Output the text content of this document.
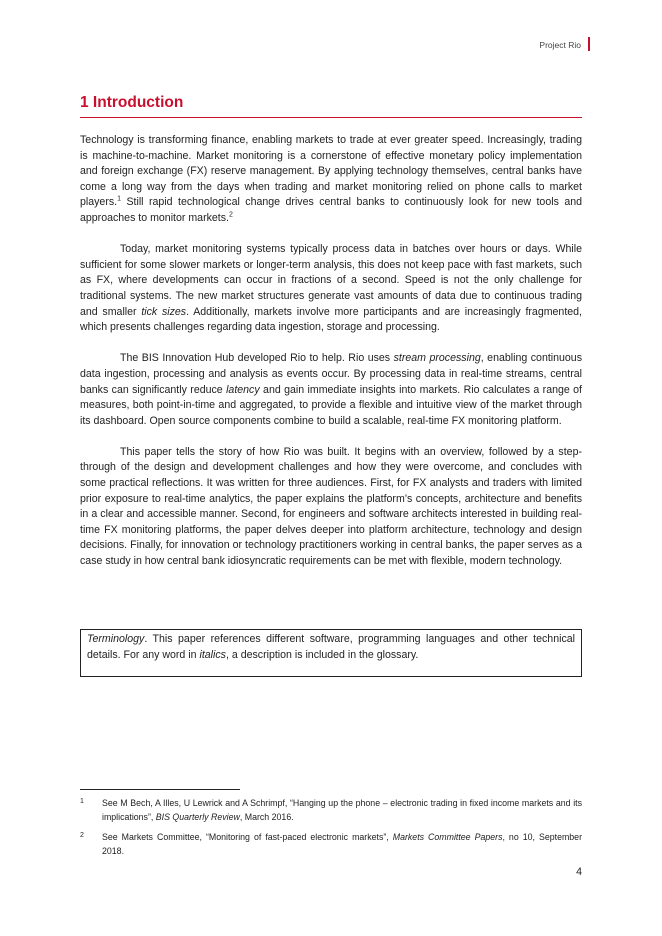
Project Rio
1 Introduction

Technology is transforming finance, enabling markets to trade at ever greater speed. Increasingly, trading is machine-to-machine. Market monitoring is a cornerstone of effective monetary policy implementation and foreign exchange (FX) reserve management. By applying technology themselves, central banks have come a long way from the days when trading and market monitoring relied on phone calls to market players.$^1$ Still rapid technological change drives central banks to continuously look for new tools and approaches to monitor markets.$^2$

Today, market monitoring systems typically process data in batches over hours or days. While sufficient for some slower markets or longer-term analysis, this does not keep pace with fast markets, such as FX, where developments can occur in fractions of a second. Speed is not the only challenge for traditional systems. The new market structures generate vast amounts of data due to continuous trading and smaller tick sizes. Additionally, markets involve more participants and are increasingly fragmented, which presents challenges regarding data ingestion, storage and processing.

The BIS Innovation Hub developed Rio to help. Rio uses stream processing, enabling continuous data ingestion, processing and analysis as events occur. By processing data in real-time streams, central banks can significantly reduce latency and gain immediate insights into markets. Rio calculates a range of measures, both point-in-time and aggregated, to provide a flexible and intuitive view of the market through its dashboard. Open source components combine to build a scalable, real-time FX monitoring platform.

This paper tells the story of how Rio was built. It begins with an overview, followed by a step-through of the design and development challenges and how they were overcome, and concludes with some practical reflections. It was written for three audiences. First, for FX analysts and traders with limited prior exposure to real-time analytics, the paper explains the platform’s concepts, architecture and benefits in a clear and accessible manner. Second, for engineers and software architects interested in building real-time FX monitoring platforms, the paper delves deeper into platform architecture, technology and design decisions. Finally, for innovation or technology practitioners working in central banks, the paper serves as a case study in how central bank idiosyncratic requirements can be met with flexible, modern technology.

Terminology. This paper references different software, programming languages and other technical details. For any word in italics, a description is included in the glossary.
1	See M Bech, A Illes, U Lewrick and A Schrimpf, “Hanging up the phone – electronic trading in fixed income markets and its implications”, BIS Quarterly Review, March 2016.
2	See Markets Committee, “Monitoring of fast-paced electronic markets”, Markets Committee Papers, no 10, September 2018.
4
